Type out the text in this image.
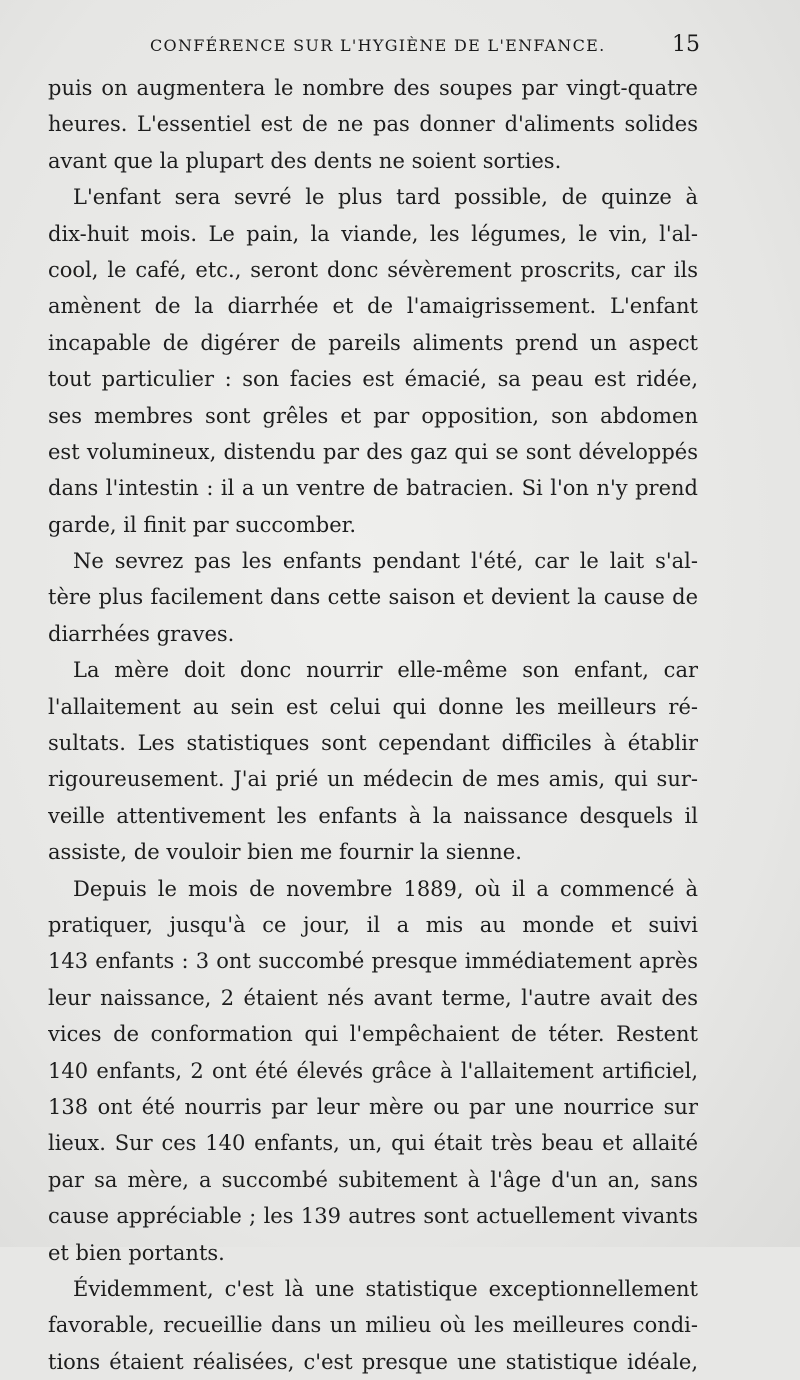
CONFÉRENCE SUR L'HYGIÈNE DE L'ENFANCE.	15
puis on augmentera le nombre des soupes par vingt-quatre
heures. L'essentiel est de ne pas donner d'aliments solides
avant que la plupart des dents ne soient sorties.
L'enfant sera sevré le plus tard possible, de quinze à
dix-huit mois. Le pain, la viande, les légumes, le vin, l'al-
cool, le café, etc., seront donc sévèrement proscrits, car ils
amènent de la diarrhée et de l'amaigrissement. L'enfant
incapable de digérer de pareils aliments prend un aspect
tout particulier : son facies est émacié, sa peau est ridée,
ses membres sont grêles et par opposition, son abdomen
est volumineux, distendu par des gaz qui se sont développés
dans l'intestin : il a un ventre de batracien. Si l'on n'y prend
garde, il finit par succomber.
Ne sevrez pas les enfants pendant l'été, car le lait s'al-
tère plus facilement dans cette saison et devient la cause de
diarrhées graves.
La mère doit donc nourrir elle-même son enfant, car
l'allaitement au sein est celui qui donne les meilleurs ré-
sultats. Les statistiques sont cependant difficiles à établir
rigoureusement. J'ai prié un médecin de mes amis, qui sur-
veille attentivement les enfants à la naissance desquels il
assiste, de vouloir bien me fournir la sienne.
Depuis le mois de novembre 1889, où il a commencé à
pratiquer, jusqu'à ce jour, il a mis au monde et suivi
143 enfants : 3 ont succombé presque immédiatement après
leur naissance, 2 étaient nés avant terme, l'autre avait des
vices de conformation qui l'empêchaient de téter. Restent
140 enfants, 2 ont été élevés grâce à l'allaitement artificiel,
138 ont été nourris par leur mère ou par une nourrice sur
lieux. Sur ces 140 enfants, un, qui était très beau et allaité
par sa mère, a succombé subitement à l'âge d'un an, sans
cause appréciable ; les 139 autres sont actuellement vivants
et bien portants.
Évidemment, c'est là une statistique exceptionnellement
favorable, recueillie dans un milieu où les meilleures condi-
tions étaient réalisées, c'est presque une statistique idéale,
